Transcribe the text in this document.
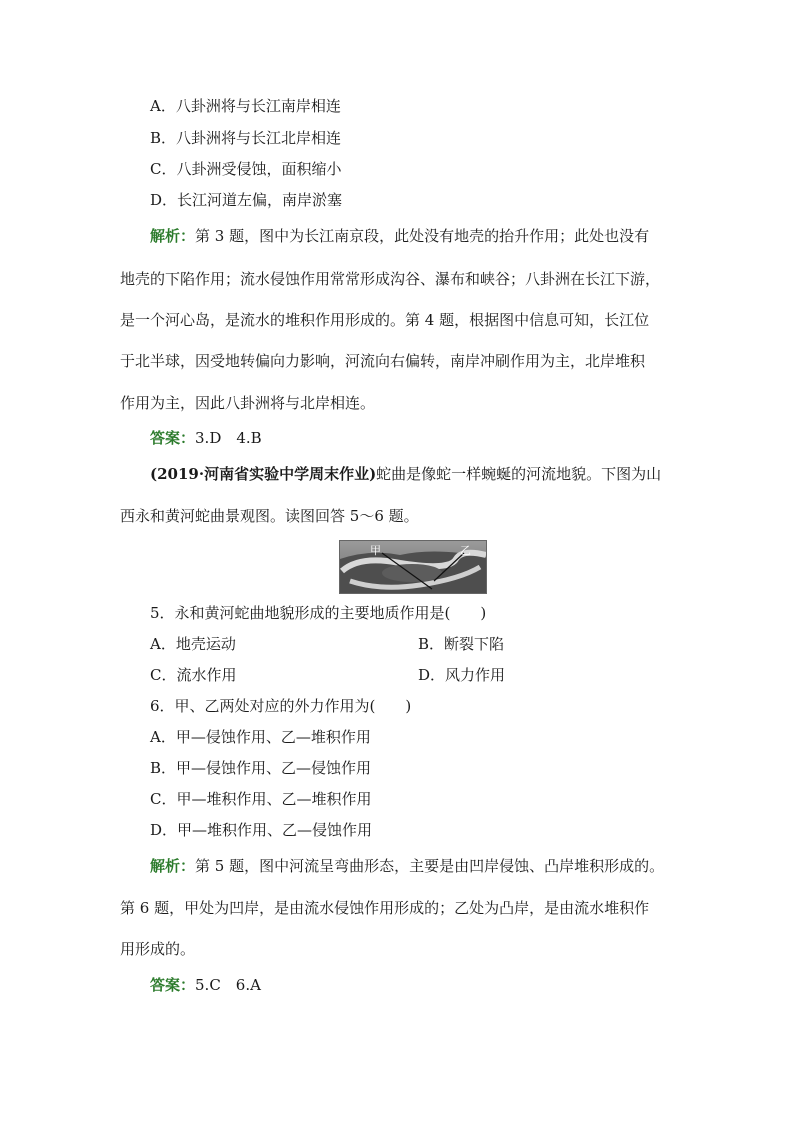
A．八卦洲将与长江南岸相连
B．八卦洲将与长江北岸相连
C．八卦洲受侵蚀，面积缩小
D．长江河道左偏，南岸淤塞
解析：第 3 题，图中为长江南京段，此处没有地壳的抬升作用；此处也没有
地壳的下陷作用；流水侵蚀作用常常形成沟谷、瀑布和峡谷；八卦洲在长江下游，
是一个河心岛，是流水的堆积作用形成的。第 4 题，根据图中信息可知，长江位
于北半球，因受地转偏向力影响，河流向右偏转，南岸冲刷作用为主，北岸堆积
作用为主，因此八卦洲将与北岸相连。
答案：3.D　4.B
(2019·河南省实验中学周末作业)蛇曲是像蛇一样蜿蜒的河流地貌。下图为山
西永和黄河蛇曲景观图。读图回答 5～6 题。
甲	乙
5．永和黄河蛇曲地貌形成的主要地质作用是(　　)
A．地壳运动	B．断裂下陷
C．流水作用	D．风力作用
6．甲、乙两处对应的外力作用为(　　)
A．甲—侵蚀作用、乙—堆积作用
B．甲—侵蚀作用、乙—侵蚀作用
C．甲—堆积作用、乙—堆积作用
D．甲—堆积作用、乙—侵蚀作用
解析：第 5 题，图中河流呈弯曲形态，主要是由凹岸侵蚀、凸岸堆积形成的。
第 6 题，甲处为凹岸，是由流水侵蚀作用形成的；乙处为凸岸，是由流水堆积作
用形成的。
答案：5.C　6.A
